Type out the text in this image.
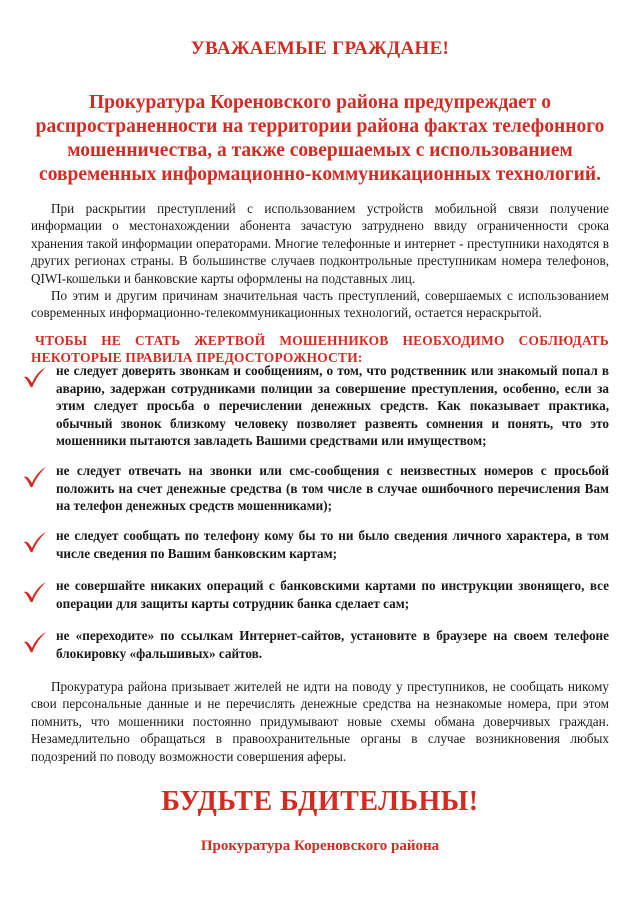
УВАЖАЕМЫЕ ГРАЖДАНЕ!
Прокуратура Кореновского района предупреждает о распространенности на территории района фактах телефонного мошенничества, а также совершаемых с использованием современных информационно-коммуникационных технологий.

При раскрытии преступлений с использованием устройств мобильной связи получение информации о местонахождении абонента зачастую затруднено ввиду ограниченности срока хранения такой информации операторами. Многие телефонные и интернет - преступники находятся в других регионах страны. В большинстве случаев подконтрольные преступникам номера телефонов, QIWI-кошельки и банковские карты оформлены на подставных лиц.

По этим и другим причинам значительная часть преступлений, совершаемых с использованием современных информационно-телекоммуникационных технологий, остается нераскрытой.

ЧТОБЫ НЕ СТАТЬ ЖЕРТВОЙ МОШЕННИКОВ НЕОБХОДИМО СОБЛЮДАТЬ НЕКОТОРЫЕ ПРАВИЛА ПРЕДОСТОРОЖНОСТИ:
не следует доверять звонкам и сообщениям, о том, что родственник или знакомый попал в аварию, задержан сотрудниками полиции за совершение преступления, особенно, если за этим следует просьба о перечислении денежных средств. Как показывает практика, обычный звонок близкому человеку позволяет развеять сомнения и понять, что это мошенники пытаются завладеть Вашими средствами или имуществом;
не следует отвечать на звонки или смс-сообщения с неизвестных номеров с просьбой положить на счет денежные средства (в том числе в случае ошибочного перечисления Вам на телефон денежных средств мошенниками);
не следует сообщать по телефону кому бы то ни было сведения личного характера, в том числе сведения по Вашим банковским картам;
не совершайте никаких операций с банковскими картами по инструкции звонящего, все операции для защиты карты сотрудник банка сделает сам;
не «переходите» по ссылкам Интернет-сайтов, установите в браузере на своем телефоне блокировку «фальшивых» сайтов.

Прокуратура района призывает жителей не идти на поводу у преступников, не сообщать никому свои персональные данные и не перечислять денежные средства на незнакомые номера, при этом помнить, что мошенники постоянно придумывают новые схемы обмана доверчивых граждан. Незамедлительно обращаться в правоохранительные органы в случае возникновения любых подозрений по поводу возможности совершения аферы.

БУДЬТЕ БДИТЕЛЬНЫ!
Прокуратура Кореновского района
